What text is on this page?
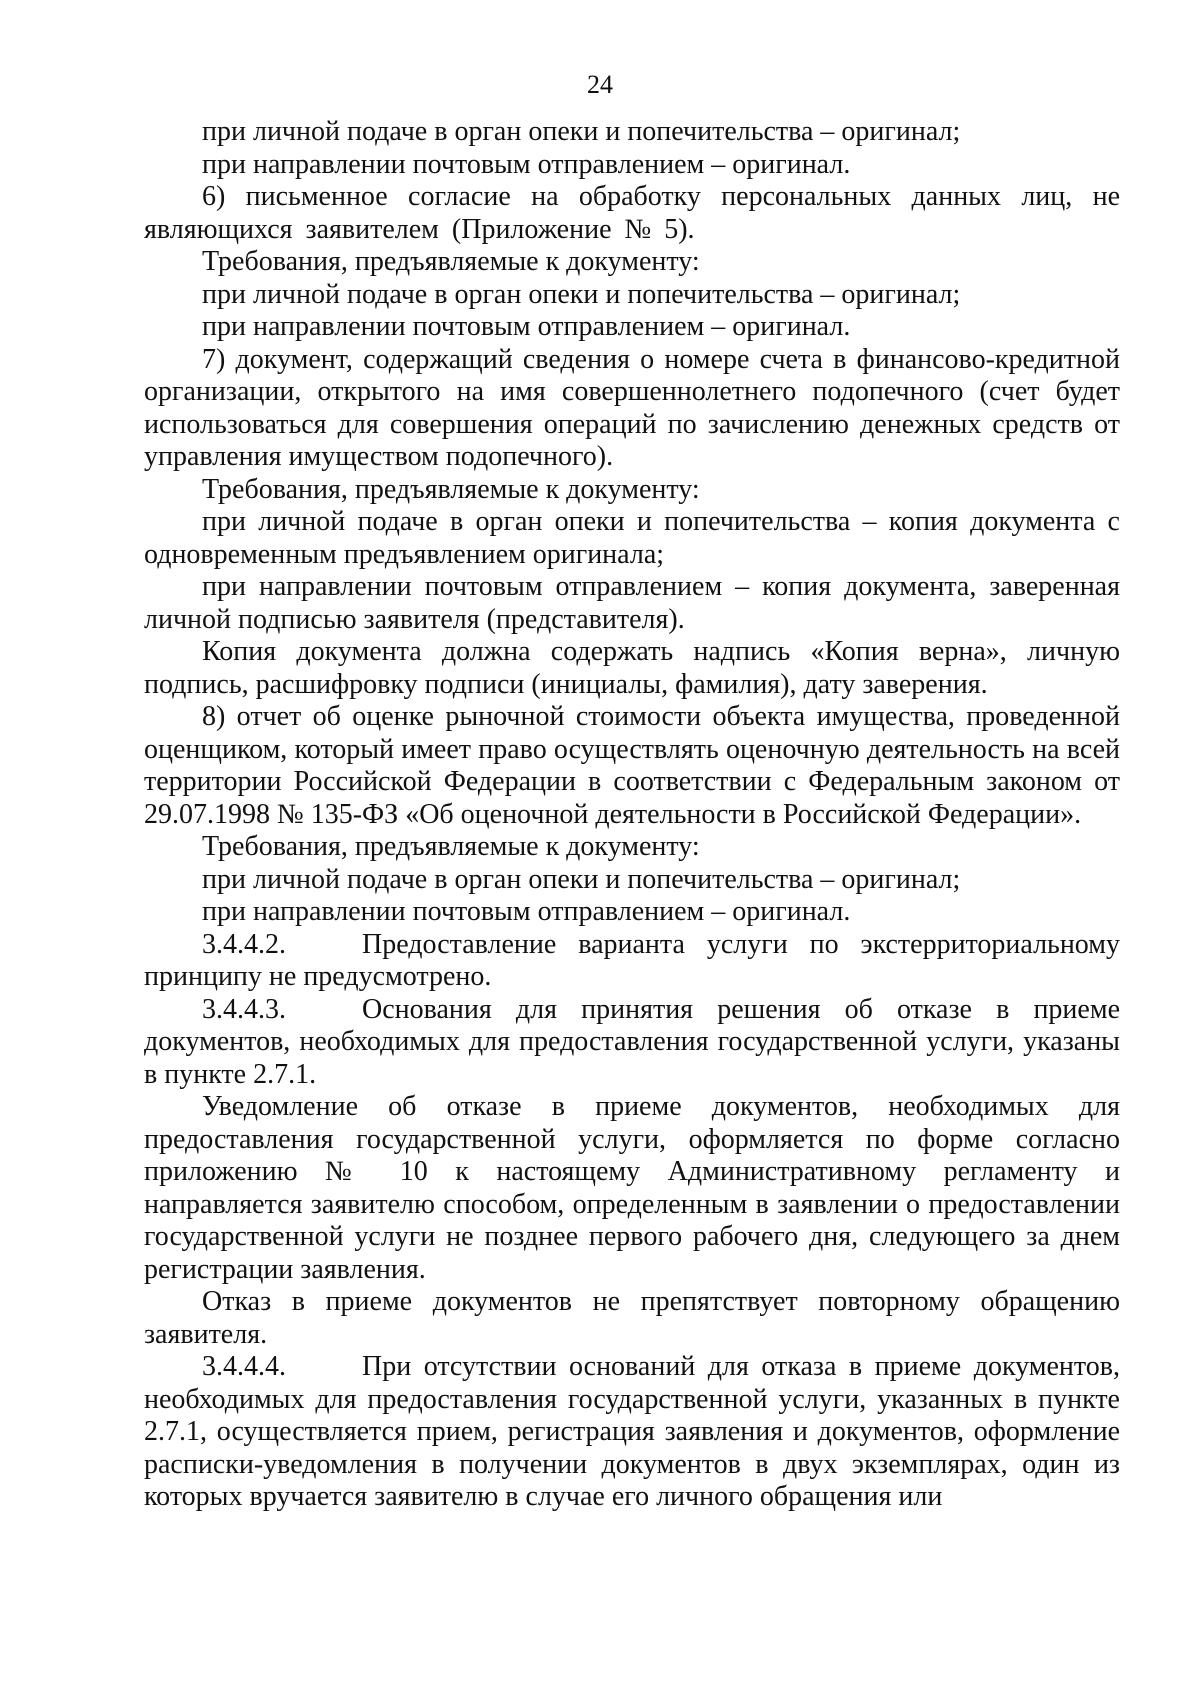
24

при личной подаче в орган опеки и попечительства – оригинал;

при направлении почтовым отправлением – оригинал.

6) письменное согласие на обработку персональных данных лиц, не являющихся заявителем (Приложение № 5).

Требования, предъявляемые к документу:

при личной подаче в орган опеки и попечительства – оригинал;

при направлении почтовым отправлением – оригинал.

7) документ, содержащий сведения о номере счета в финансово-кредитной организации, открытого на имя совершеннолетнего подопечного (счет будет использоваться для совершения операций по зачислению денежных средств от управления имуществом подопечного).

Требования, предъявляемые к документу:

при личной подаче в орган опеки и попечительства – копия документа с одновременным предъявлением оригинала;

при направлении почтовым отправлением – копия документа, заверенная личной подписью заявителя (представителя).

Копия документа должна содержать надпись «Копия верна», личную подпись, расшифровку подписи (инициалы, фамилия), дату заверения.

8) отчет об оценке рыночной стоимости объекта имущества, проведенной оценщиком, который имеет право осуществлять оценочную деятельность на всей территории Российской Федерации в соответствии с Федеральным законом от 29.07.1998 № 135-ФЗ «Об оценочной деятельности в Российской Федерации».

Требования, предъявляемые к документу:

при личной подаче в орган опеки и попечительства – оригинал;

при направлении почтовым отправлением – оригинал.

3.4.4.2.	Предоставление варианта услуги по экстерриториальному принципу не предусмотрено.

3.4.4.3.	Основания для принятия решения об отказе в приеме документов, необходимых для предоставления государственной услуги, указаны в пункте 2.7.1.

Уведомление об отказе в приеме документов, необходимых для предоставления государственной услуги, оформляется по форме согласно приложению № 10 к настоящему Административному регламенту и направляется заявителю способом, определенным в заявлении о предоставлении государственной услуги не позднее первого рабочего дня, следующего за днем регистрации заявления.

Отказ в приеме документов не препятствует повторному обращению заявителя.

3.4.4.4.	При отсутствии оснований для отказа в приеме документов, необходимых для предоставления государственной услуги, указанных в пункте 2.7.1, осуществляется прием, регистрация заявления и документов, оформление расписки-уведомления в получении документов в двух экземплярах, один из которых вручается заявителю в случае его личного обращения или
